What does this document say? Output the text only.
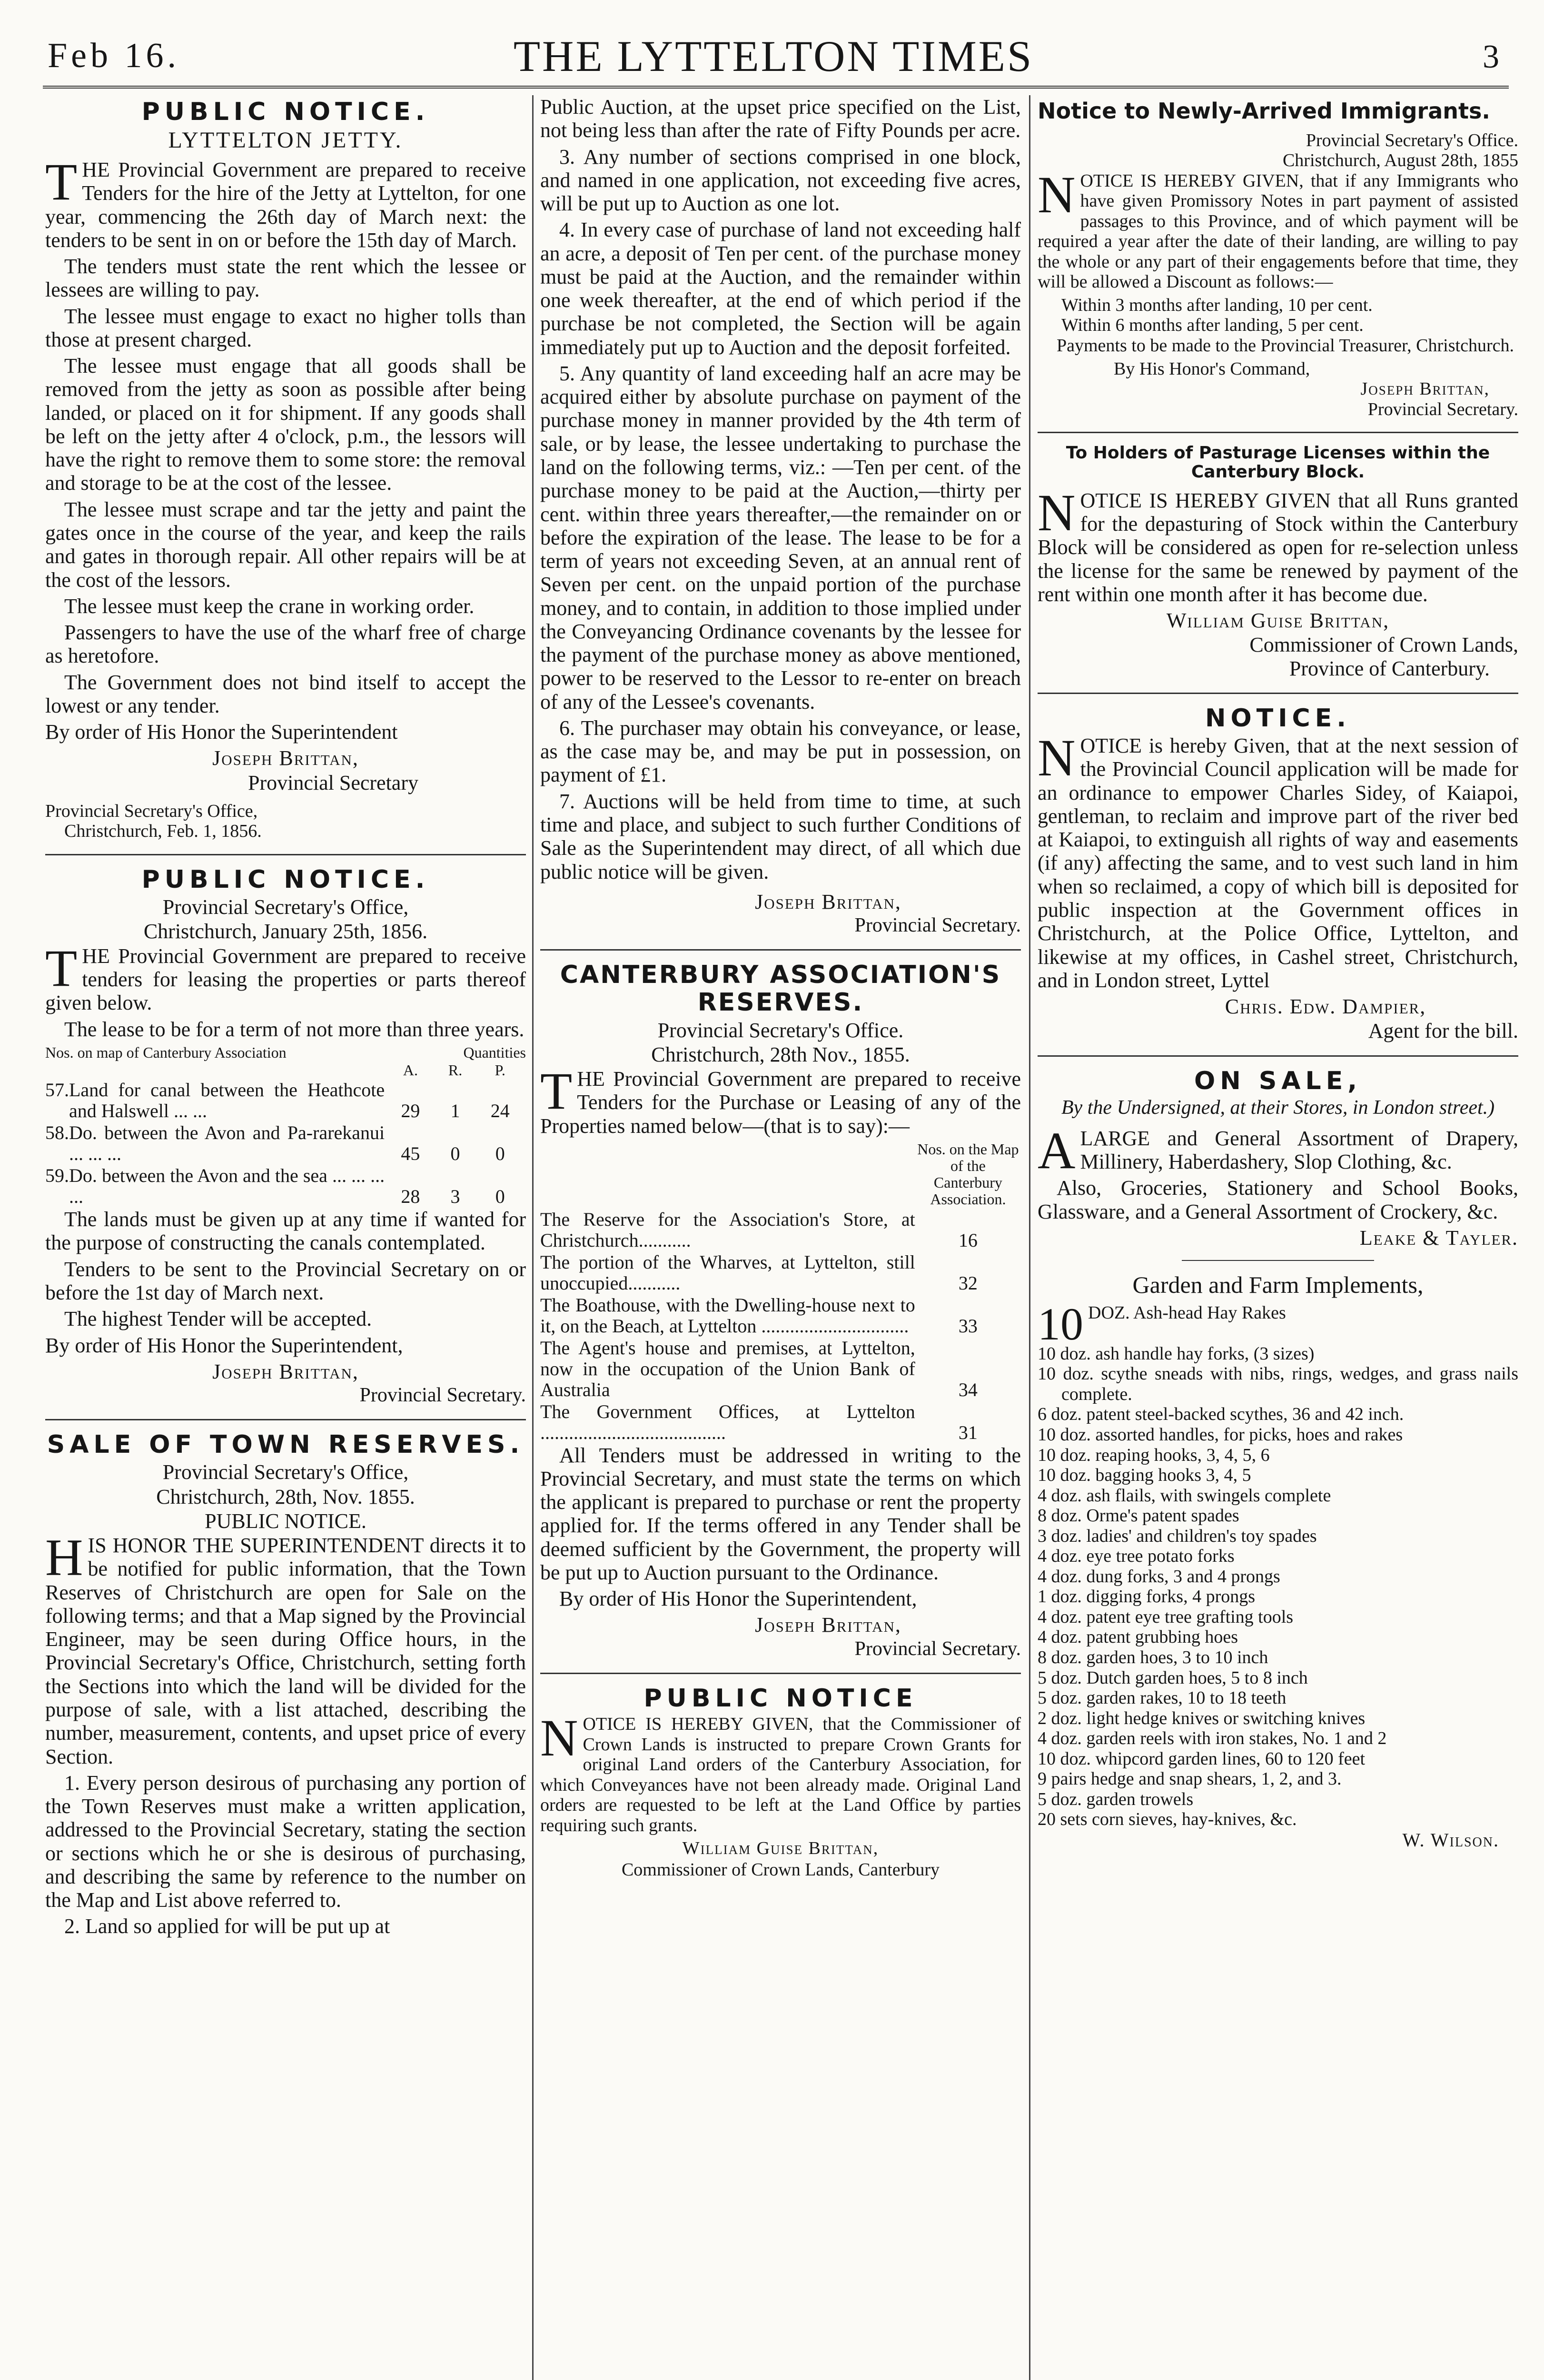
Feb 16.	THE LYTTELTON TIMES	3
PUBLIC NOTICE.
LYTTELTON JETTY.

THE Provincial Government are prepared to receive Tenders for the hire of the Jetty at Lyttelton, for one year, commencing the 26th day of March next: the tenders to be sent in on or before the 15th day of March.

The tenders must state the rent which the lessee or lessees are willing to pay.

The lessee must engage to exact no higher tolls than those at present charged.

The lessee must engage that all goods shall be removed from the jetty as soon as possible after being landed, or placed on it for shipment. If any goods shall be left on the jetty after 4 o'clock, p.m., the lessors will have the right to remove them to some store: the removal and storage to be at the cost of the lessee.

The lessee must scrape and tar the jetty and paint the gates once in the course of the year, and keep the rails and gates in thorough repair. All other repairs will be at the cost of the lessors.

The lessee must keep the crane in working order.

Passengers to have the use of the wharf free of charge as heretofore.

The Government does not bind itself to accept the lowest or any tender.

By order of His Honor the Superintendent

Joseph Brittan,
Provincial Secretary
Provincial Secretary's Office,
Christchurch, Feb. 1, 1856.
PUBLIC NOTICE.
Provincial Secretary's Office,
Christchurch, January 25th, 1856.

THE Provincial Government are prepared to receive tenders for leasing the properties or parts thereof given below.

The lease to be for a term of not more than three years.

Nos. on map of Canterbury Association		Quantities		
		A.	R.	P.
57.	Land for canal between the Heathcote and Halswell ... ...	29	1	24
58.	Do. between the Avon and Pa-rarekanui ... ... ...	45	0	0
59.	Do. between the Avon and the sea ... ... ... ...	28	3	0

The lands must be given up at any time if wanted for the purpose of constructing the canals contemplated.

Tenders to be sent to the Provincial Secretary on or before the 1st day of March next.

The highest Tender will be accepted.

By order of His Honor the Superintendent,

Joseph Brittan,
Provincial Secretary.
SALE OF TOWN RESERVES.
Provincial Secretary's Office,
Christchurch, 28th, Nov. 1855.
PUBLIC NOTICE.

HIS HONOR THE SUPERINTENDENT directs it to be notified for public information, that the Town Reserves of Christchurch are open for Sale on the following terms; and that a Map signed by the Provincial Engineer, may be seen during Office hours, in the Provincial Secretary's Office, Christchurch, setting forth the Sections into which the land will be divided for the purpose of sale, with a list attached, describing the number, measurement, contents, and upset price of every Section.

1. Every person desirous of purchasing any portion of the Town Reserves must make a written application, addressed to the Provincial Secretary, stating the section or sections which he or she is desirous of purchasing, and describing the same by reference to the number on the Map and List above referred to.

2. Land so applied for will be put up at

Public Auction, at the upset price specified on the List, not being less than after the rate of Fifty Pounds per acre.

3. Any number of sections comprised in one block, and named in one application, not exceeding five acres, will be put up to Auction as one lot.

4. In every case of purchase of land not exceeding half an acre, a deposit of Ten per cent. of the purchase money must be paid at the Auction, and the remainder within one week thereafter, at the end of which period if the purchase be not completed, the Section will be again immediately put up to Auction and the deposit forfeited.

5. Any quantity of land exceeding half an acre may be acquired either by absolute purchase on payment of the purchase money in manner provided by the 4th term of sale, or by lease, the lessee undertaking to purchase the land on the following terms, viz.: —Ten per cent. of the purchase money to be paid at the Auction,—thirty per cent. within three years thereafter,—the remainder on or before the expiration of the lease. The lease to be for a term of years not exceeding Seven, at an annual rent of Seven per cent. on the unpaid portion of the purchase money, and to contain, in addition to those implied under the Conveyancing Ordinance covenants by the lessee for the payment of the purchase money as above mentioned, power to be reserved to the Lessor to re-enter on breach of any of the Lessee's covenants.

6. The purchaser may obtain his conveyance, or lease, as the case may be, and may be put in possession, on payment of £1.

7. Auctions will be held from time to time, at such time and place, and subject to such further Conditions of Sale as the Superintendent may direct, of all which due public notice will be given.

Joseph Brittan,
Provincial Secretary.
CANTERBURY ASSOCIATION'S RESERVES.
Provincial Secretary's Office.
Christchurch, 28th Nov., 1855.

THE Provincial Government are prepared to receive Tenders for the Purchase or Leasing of any of the Properties named below—(that is to say):—

	Nos. on the Map of the Canterbury Association.
The Reserve for the Association's Store, at Christchurch...........	16
The portion of the Wharves, at Lyttelton, still unoccupied...........	32
The Boathouse, with the Dwelling-house next to it, on the Beach, at Lyttelton ...............................	33
The Agent's house and premises, at Lyttelton, now in the occupation of the Union Bank of Australia	34
The Government Offices, at Lyttelton .......................................	31

All Tenders must be addressed in writing to the Provincial Secretary, and must state the terms on which the applicant is prepared to purchase or rent the property applied for. If the terms offered in any Tender shall be deemed sufficient by the Government, the property will be put up to Auction pursuant to the Ordinance.

By order of His Honor the Superintendent,

Joseph Brittan,
Provincial Secretary.
PUBLIC NOTICE

NOTICE IS HEREBY GIVEN, that the Commissioner of Crown Lands is instructed to prepare Crown Grants for original Land orders of the Canterbury Association, for which Conveyances have not been already made. Original Land orders are requested to be left at the Land Office by parties requiring such grants.

William Guise Brittan,
Commissioner of Crown Lands, Canterbury
Notice to Newly-Arrived Immigrants.
Provincial Secretary's Office.
Christchurch, August 28th, 1855

NOTICE IS HEREBY GIVEN, that if any Immigrants who have given Promissory Notes in part payment of assisted passages to this Province, and of which payment will be required a year after the date of their landing, are willing to pay the whole or any part of their engagements before that time, they will be allowed a Discount as follows:—

Within 3 months after landing, 10 per cent.
Within 6 months after landing, 5 per cent.

Payments to be made to the Provincial Treasurer, Christchurch.

By His Honor's Command,
Joseph Brittan,
Provincial Secretary.
To Holders of Pasturage Licenses within the Canterbury Block.

NOTICE IS HEREBY GIVEN that all Runs granted for the depasturing of Stock within the Canterbury Block will be considered as open for re-selection unless the license for the same be renewed by payment of the rent within one month after it has become due.

William Guise Brittan,
Commissioner of Crown Lands,
Province of Canterbury.
NOTICE.

NOTICE is hereby Given, that at the next session of the Provincial Council application will be made for an ordinance to empower Charles Sidey, of Kaiapoi, gentleman, to reclaim and improve part of the river bed at Kaiapoi, to extinguish all rights of way and easements (if any) affecting the same, and to vest such land in him when so reclaimed, a copy of which bill is deposited for public inspection at the Government offices in Christchurch, at the Police Office, Lyttelton, and likewise at my offices, in Cashel street, Christchurch, and in London street, Lyttel

Chris. Edw. Dampier,
Agent for the bill.
ON SALE,
By the Undersigned, at their Stores, in London street.)

ALARGE and General Assortment of Drapery, Millinery, Haberdashery, Slop Clothing, &c.

Also, Groceries, Stationery and School Books, Glassware, and a General Assortment of Crockery, &c.

Leake & Tayler.
Garden and Farm Implements,
10 DOZ. Ash-head Hay Rakes
10 doz. ash handle hay forks, (3 sizes)
10 doz. scythe sneads with nibs, rings, wedges, and grass nails complete.
6 doz. patent steel-backed scythes, 36 and 42 inch.
10 doz. assorted handles, for picks, hoes and rakes
10 doz. reaping hooks, 3, 4, 5, 6
10 doz. bagging hooks 3, 4, 5
4 doz. ash flails, with swingels complete
8 doz. Orme's patent spades
3 doz. ladies' and children's toy spades
4 doz. eye tree potato forks
4 doz. dung forks, 3 and 4 prongs
1 doz. digging forks, 4 prongs
4 doz. patent eye tree grafting tools
4 doz. patent grubbing hoes
8 doz. garden hoes, 3 to 10 inch
5 doz. Dutch garden hoes, 5 to 8 inch
5 doz. garden rakes, 10 to 18 teeth
2 doz. light hedge knives or switching knives
4 doz. garden reels with iron stakes, No. 1 and 2
10 doz. whipcord garden lines, 60 to 120 feet
9 pairs hedge and snap shears, 1, 2, and 3.
5 doz. garden trowels
20 sets corn sieves, hay-knives, &c.
W. Wilson.
